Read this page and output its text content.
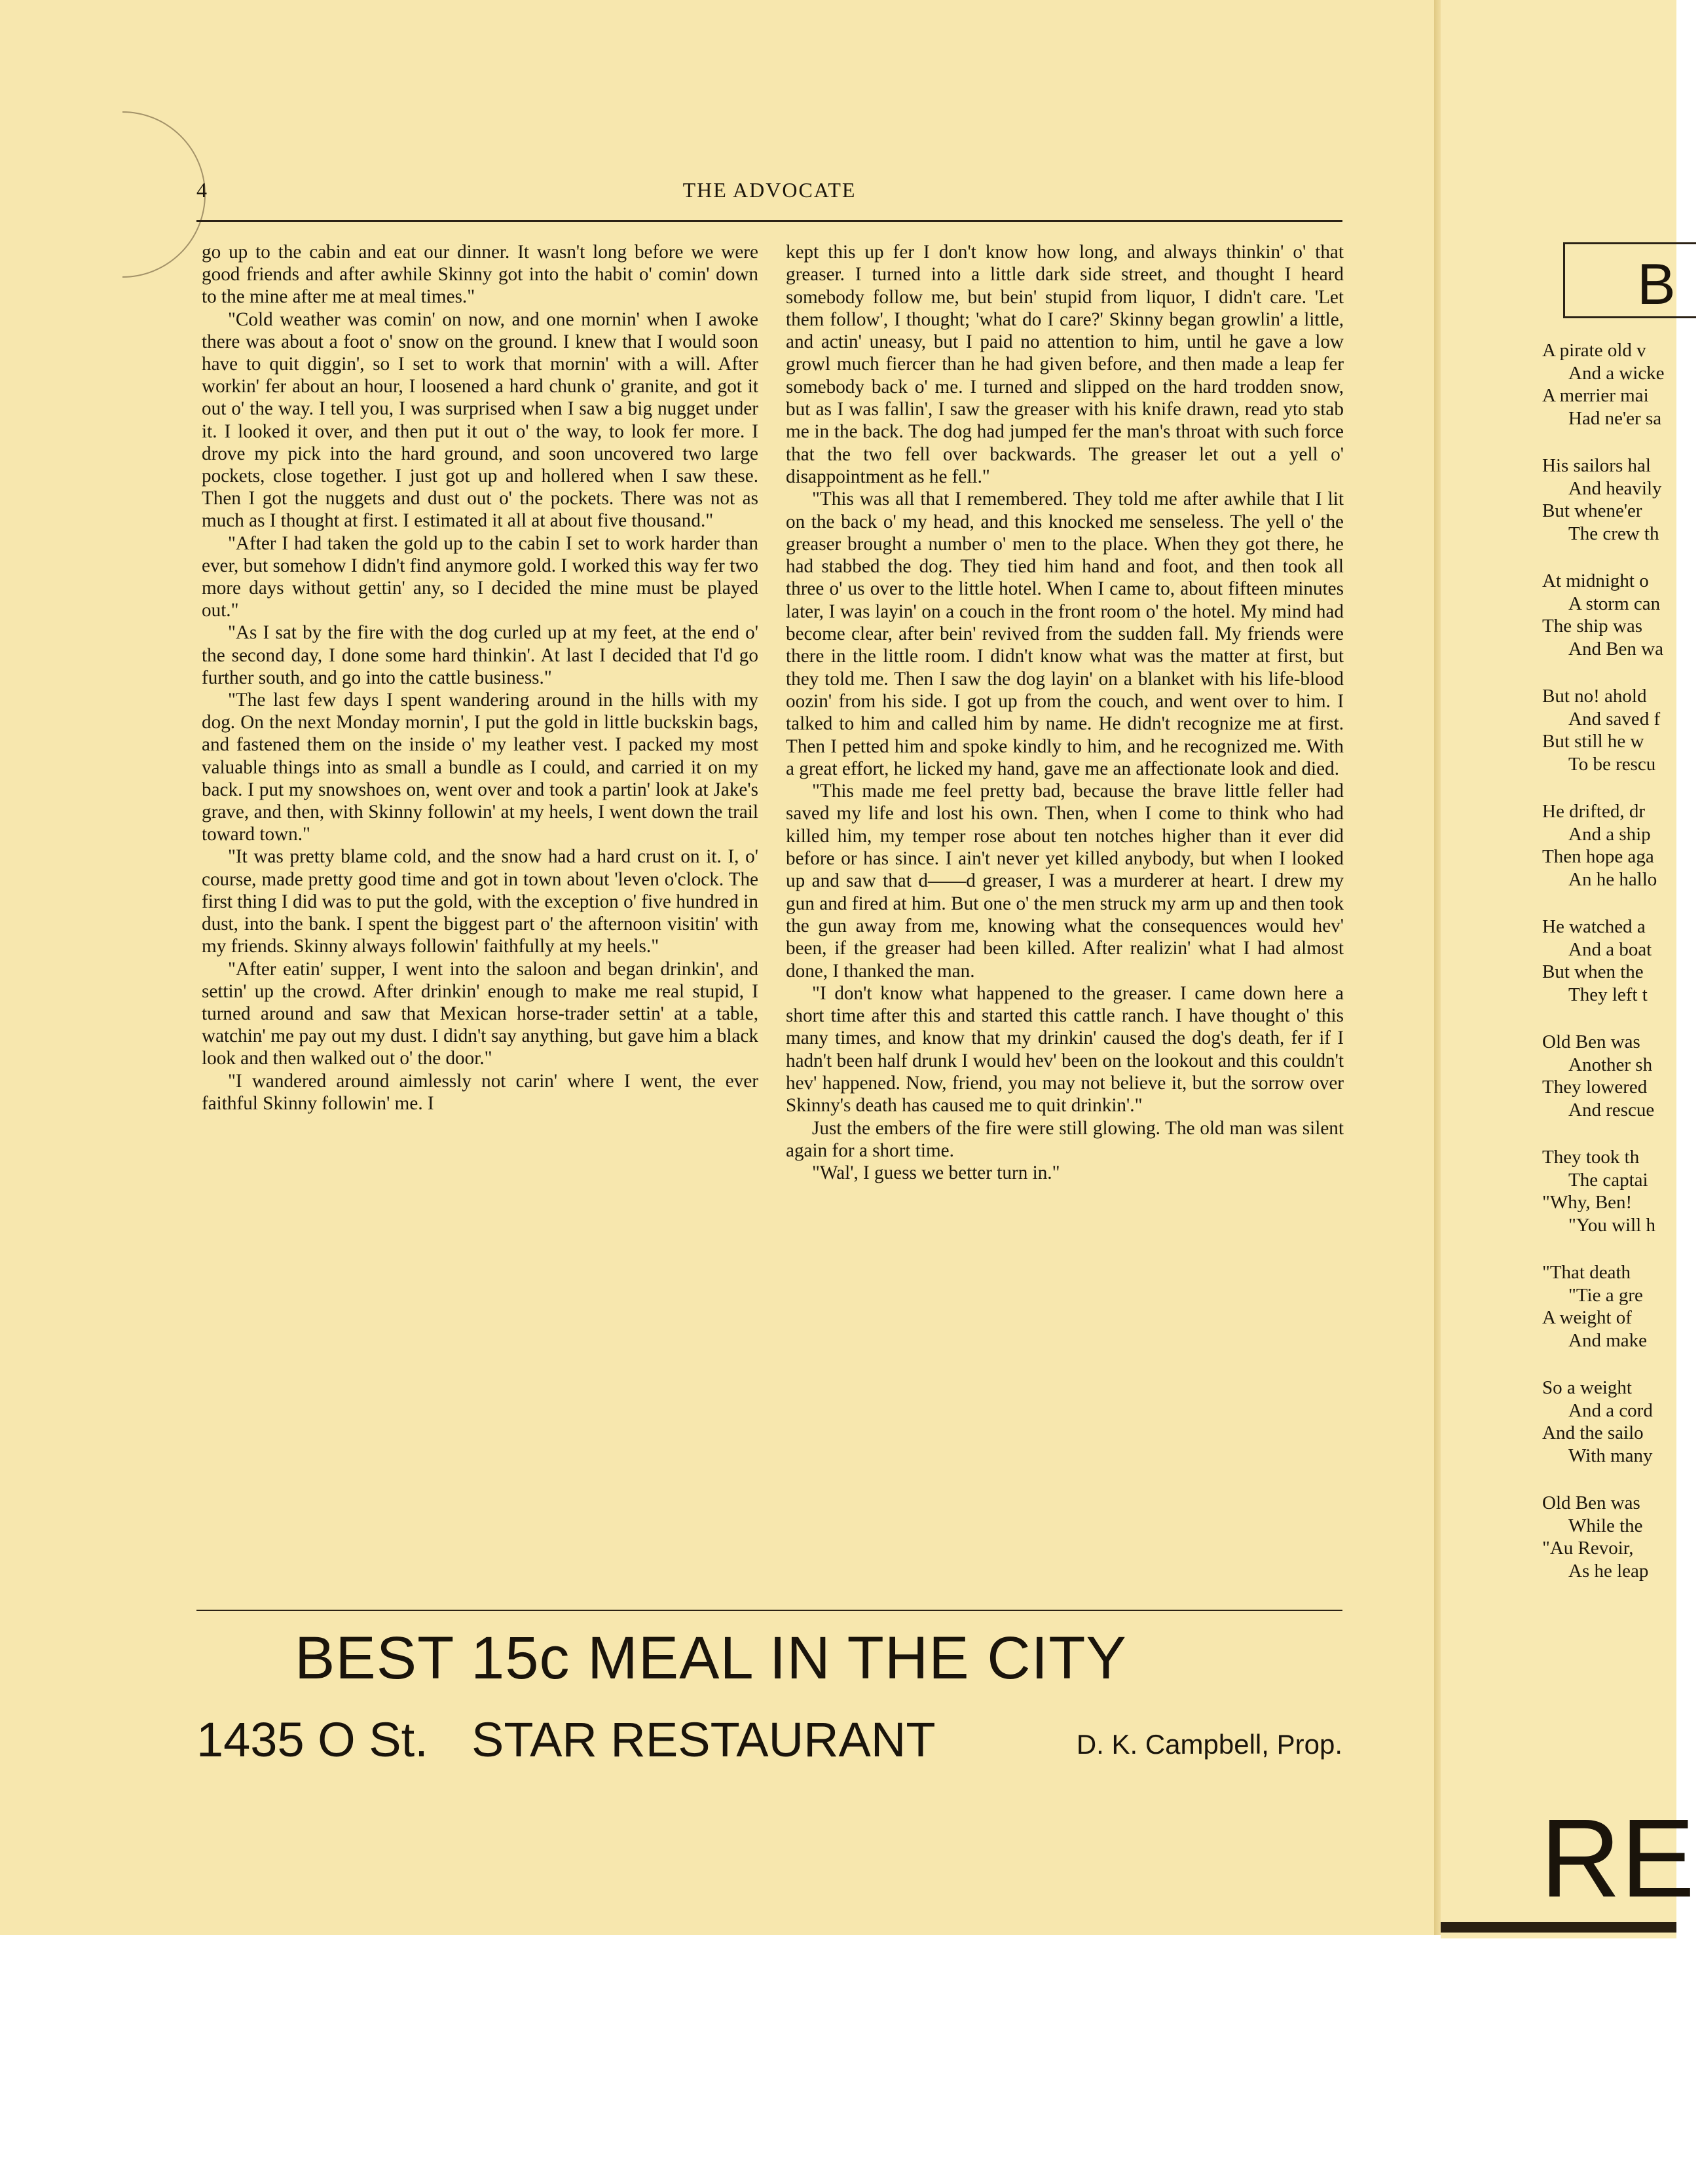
4	THE ADVOCATE

go up to the cabin and eat our dinner. It wasn't long before we were good friends and after awhile Skinny got into the habit o' comin' down to the mine after me at meal times."

"Cold weather was comin' on now, and one mornin' when I awoke there was about a foot o' snow on the ground. I knew that I would soon have to quit diggin', so I set to work that mornin' with a will. After workin' fer about an hour, I loosened a hard chunk o' granite, and got it out o' the way. I tell you, I was surprised when I saw a big nugget under it. I looked it over, and then put it out o' the way, to look fer more. I drove my pick into the hard ground, and soon uncovered two large pockets, close together. I just got up and hollered when I saw these. Then I got the nuggets and dust out o' the pockets. There was not as much as I thought at first. I estimated it all at about five thousand."

"After I had taken the gold up to the cabin I set to work harder than ever, but somehow I didn't find anymore gold. I worked this way fer two more days without gettin' any, so I decided the mine must be played out."

"As I sat by the fire with the dog curled up at my feet, at the end o' the second day, I done some hard thinkin'. At last I decided that I'd go further south, and go into the cattle business."

"The last few days I spent wandering around in the hills with my dog. On the next Monday mornin', I put the gold in little buckskin bags, and fastened them on the inside o' my leather vest. I packed my most valuable things into as small a bundle as I could, and carried it on my back. I put my snowshoes on, went over and took a partin' look at Jake's grave, and then, with Skinny followin' at my heels, I went down the trail toward town."

"It was pretty blame cold, and the snow had a hard crust on it. I, o' course, made pretty good time and got in town about 'leven o'clock. The first thing I did was to put the gold, with the exception o' five hundred in dust, into the bank. I spent the biggest part o' the afternoon visitin' with my friends. Skinny always followin' faithfully at my heels."

"After eatin' supper, I went into the saloon and began drinkin', and settin' up the crowd. After drinkin' enough to make me real stupid, I turned around and saw that Mexican horse-trader settin' at a table, watchin' me pay out my dust. I didn't say anything, but gave him a black look and then walked out o' the door."

"I wandered around aimlessly not carin' where I went, the ever faithful Skinny followin' me. I

kept this up fer I don't know how long, and always thinkin' o' that greaser. I turned into a little dark side street, and thought I heard somebody follow me, but bein' stupid from liquor, I didn't care. 'Let them follow', I thought; 'what do I care?' Skinny began growlin' a little, and actin' uneasy, but I paid no attention to him, until he gave a low growl much fiercer than he had given before, and then made a leap fer somebody back o' me. I turned and slipped on the hard trodden snow, but as I was fallin', I saw the greaser with his knife drawn, read yto stab me in the back. The dog had jumped fer the man's throat with such force that the two fell over backwards. The greaser let out a yell o' disappointment as he fell."

"This was all that I remembered. They told me after awhile that I lit on the back o' my head, and this knocked me senseless. The yell o' the greaser brought a number o' men to the place. When they got there, he had stabbed the dog. They tied him hand and foot, and then took all three o' us over to the little hotel. When I came to, about fifteen minutes later, I was layin' on a couch in the front room o' the hotel. My mind had become clear, after bein' revived from the sudden fall. My friends were there in the little room. I didn't know what was the matter at first, but they told me. Then I saw the dog layin' on a blanket with his life-blood oozin' from his side. I got up from the couch, and went over to him. I talked to him and called him by name. He didn't recognize me at first. Then I petted him and spoke kindly to him, and he recognized me. With a great effort, he licked my hand, gave me an affectionate look and died.

"This made me feel pretty bad, because the brave little feller had saved my life and lost his own. Then, when I come to think who had killed him, my temper rose about ten notches higher than it ever did before or has since. I ain't never yet killed anybody, but when I looked up and saw that d——d greaser, I was a murderer at heart. I drew my gun and fired at him. But one o' the men struck my arm up and then took the gun away from me, knowing what the consequences would hev' been, if the greaser had been killed. After realizin' what I had almost done, I thanked the man.

"I don't know what happened to the greaser. I came down here a short time after this and started this cattle ranch. I have thought o' this many times, and know that my drinkin' caused the dog's death, fer if I hadn't been half drunk I would hev' been on the lookout and this couldn't hev' happened. Now, friend, you may not believe it, but the sorrow over Skinny's death has caused me to quit drinkin'."

Just the embers of the fire were still glowing. The old man was silent again for a short time.

"Wal', I guess we better turn in."

BEST 15c MEAL IN THE CITY
1435 O St. STAR RESTAURANT	D. K. Campbell, Prop.
B
A pirate old v
And a wickе
A merrier mai
Had ne'er sa
His sailors hal
And heavily
But whene'er
The crew th
At midnight o
A storm can
The ship was
And Ben wa
But no! ahold
And saved f
But still he w
To be rescu
He drifted, dr
And a ship
Then hope aga
An he hallo
He watched a
And a boat
But when the
They left t
Old Ben was
Another sh
They lowered
And rescue
They took th
The captai
"Why, Ben!
"You will h
"That death
"Tie a gre
A weight of
And make
So a weight
And a cord
And the sailo
With many
Old Ben was
While the
"Au Revoir,
As he leap
RE
